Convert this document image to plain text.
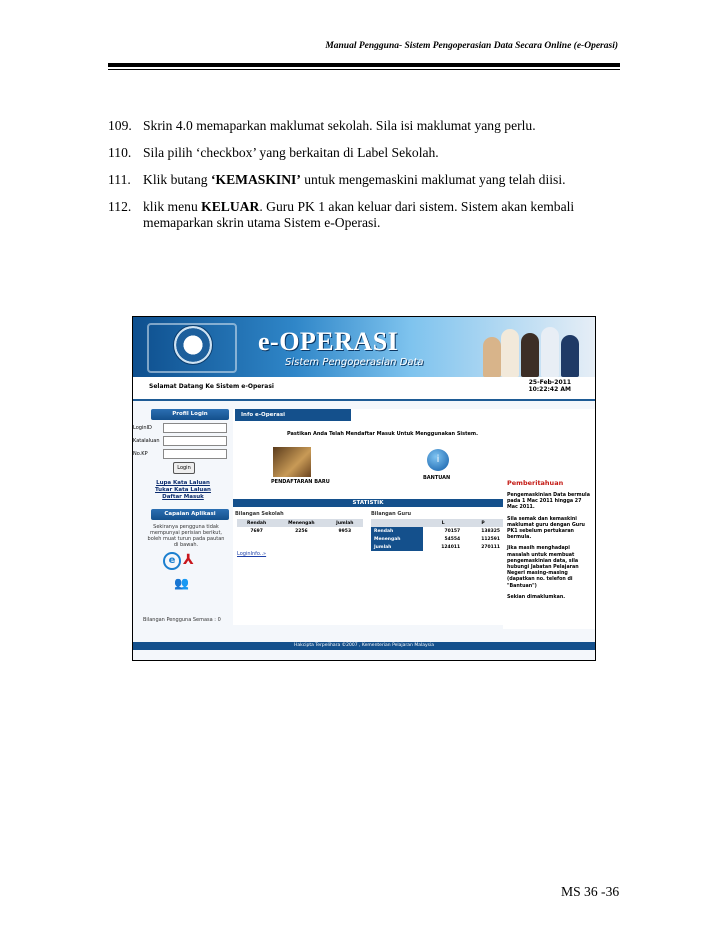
Manual Pengguna- Sistem Pengoperasian Data Secara Online (e-Operasi)
109. Skrin 4.0 memaparkan maklumat sekolah. Sila isi maklumat yang perlu.
110. Sila pilih ‘checkbox’ yang berkaitan di Label Sekolah.
111. Klik butang ‘KEMASKINI’ untuk mengemaskini maklumat yang telah diisi.
112. klik menu KELUAR. Guru PK 1 akan keluar dari sistem. Sistem akan kembali memaparkan skrin utama Sistem e-Operasi.
e-OPERASI
Sistem Pengoperasian Data
Selamat Datang Ke Sistem e-Operasi
25-Feb-2011
10:22:42 AM
Profil Login
LoginID
Katalaluan
No.KP
Login
Lupa Kata Laluan
Tukar Kata Laluan
Daftar Masuk
Capaian Aplikasi
Sekiranya pengguna tidak mempunyai perisian berikut, boleh muat turun pada pautan di bawah.
e ⅄
👥
Bilangan Pengguna Semasa : 0
Info e-Operasi
Pastikan Anda Telah Mendaftar Masuk Untuk Menggunakan Sistem.
PENDAFTARAN BARU
i
BANTUAN
STATISTIK
Bilangan Sekolah
Rendah	Menengah	Jumlah
7697	2256	9953
LoginInfo..»
Bilangan Guru
	L	P
Rendah	70157	138325
Menengah	54554	112591
Jumlah	124011	270111
Pemberitahuan

Pengemaskinian Data bermula pada 1 Mac 2011 hingga 27 Mac 2011.

Sila semak dan kemaskini maklumat guru dengan Guru PK1 sebelum pertukaran bermula.

Jika masih menghadapi masalah untuk membuat pengemaskinian data, sila hubungi Jabatan Pelajaran Negeri masing-masing (dapatkan no. telefon di "Bantuan")

Sekian dimaklumkan.

Hakcipta Terpelihara ©2007 , Kementerian Pelajaran Malaysia
MS 36 -36
